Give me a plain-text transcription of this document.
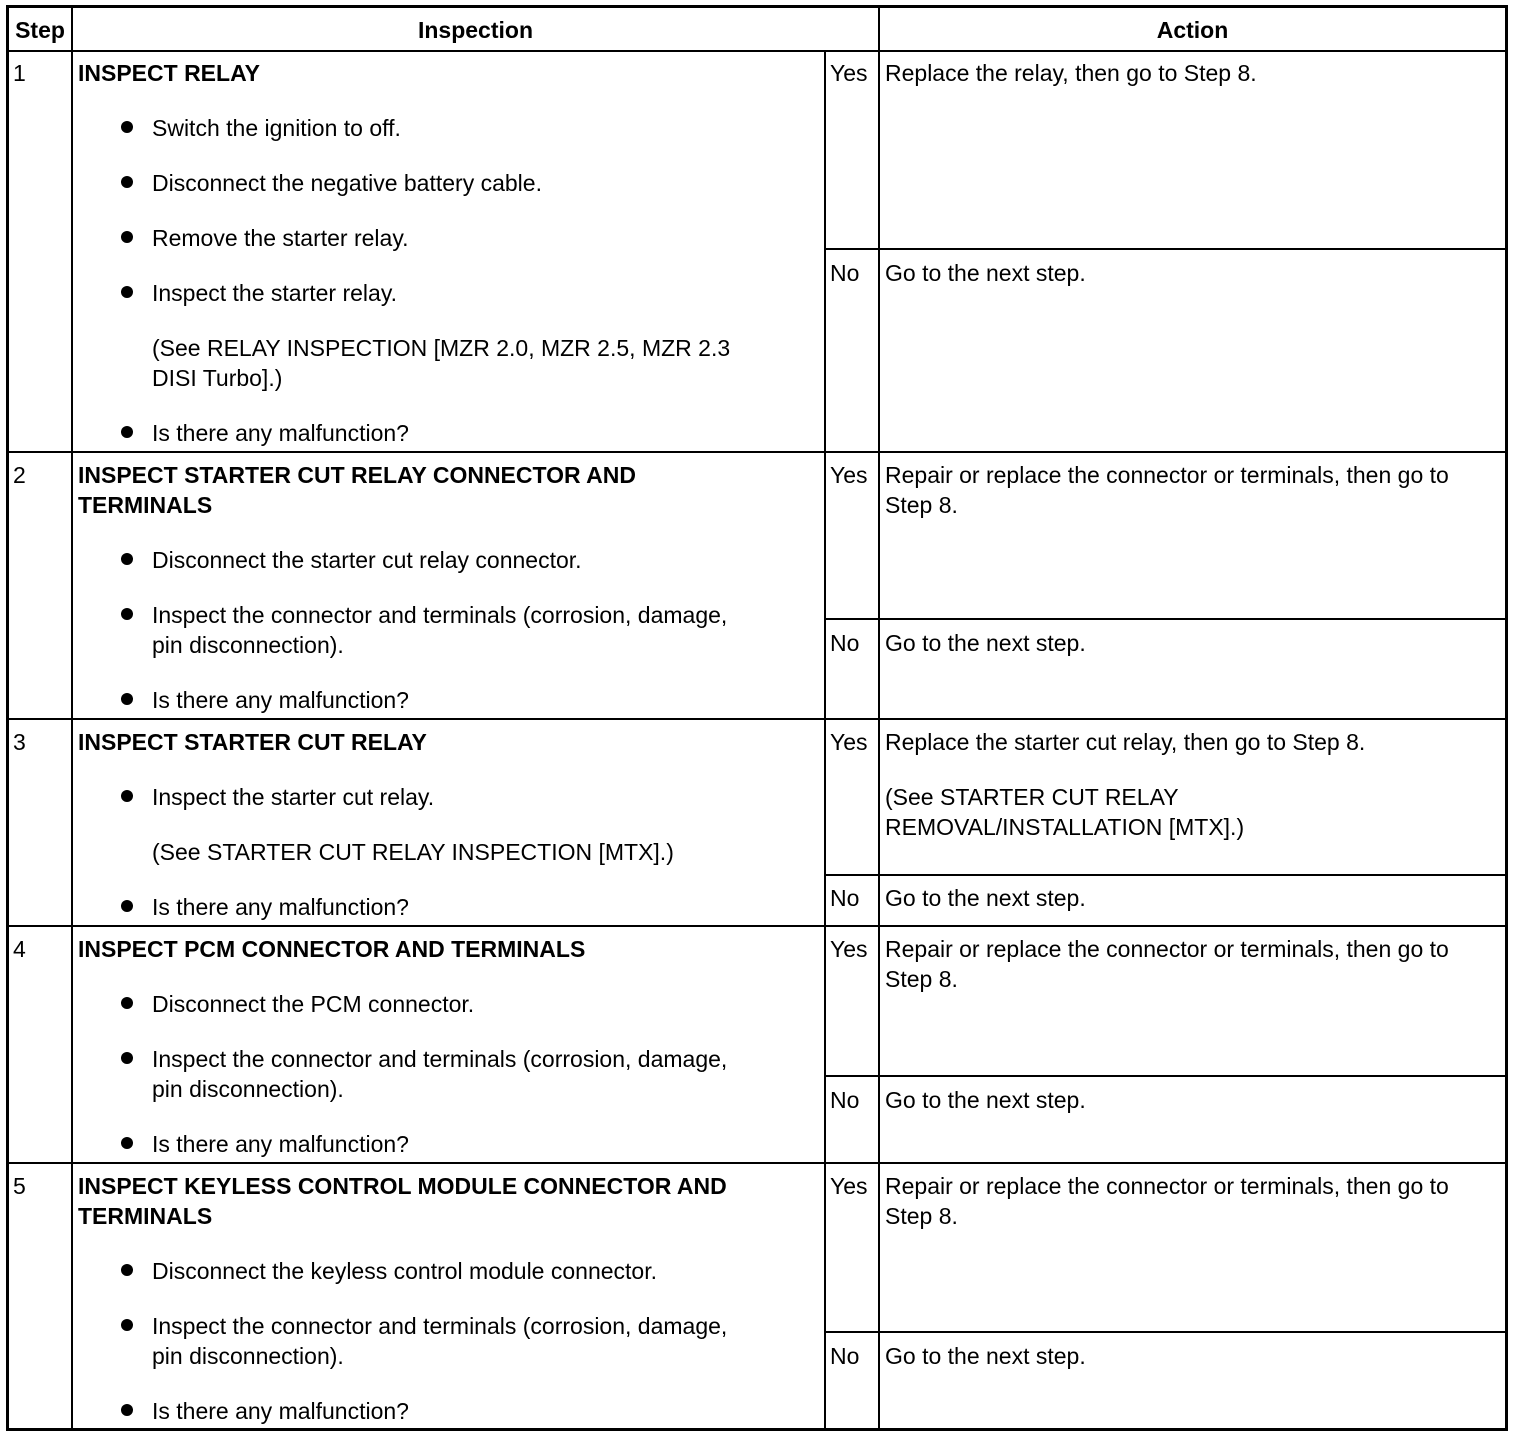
Step	Inspection	Action
1 INSPECT RELAY
Switch the ignition to off.
Disconnect the negative battery cable.
Remove the starter relay.
Inspect the starter relay.
(See RELAY INSPECTION [MZR 2.0, MZR 2.5, MZR 2.3
DISI Turbo].)
Is there any malfunction?
Yes Replace the relay, then go to Step 8.
No Go to the next step.
2 INSPECT STARTER CUT RELAY CONNECTOR AND
TERMINALS
Disconnect the starter cut relay connector.
Inspect the connector and terminals (corrosion, damage,
pin disconnection).
Is there any malfunction?
Yes Repair or replace the connector or terminals, then go to
Step 8.
No Go to the next step.
3 INSPECT STARTER CUT RELAY
Inspect the starter cut relay.
(See STARTER CUT RELAY INSPECTION [MTX].)
Is there any malfunction?
Yes Replace the starter cut relay, then go to Step 8.
(See STARTER CUT RELAY
REMOVAL/INSTALLATION [MTX].)
No Go to the next step.
4 INSPECT PCM CONNECTOR AND TERMINALS
Disconnect the PCM connector.
Inspect the connector and terminals (corrosion, damage,
pin disconnection).
Is there any malfunction?
Yes Repair or replace the connector or terminals, then go to
Step 8.
No Go to the next step.
5 INSPECT KEYLESS CONTROL MODULE CONNECTOR AND
TERMINALS
Disconnect the keyless control module connector.
Inspect the connector and terminals (corrosion, damage,
pin disconnection).
Is there any malfunction?
Yes Repair or replace the connector or terminals, then go to
Step 8.
No Go to the next step.
